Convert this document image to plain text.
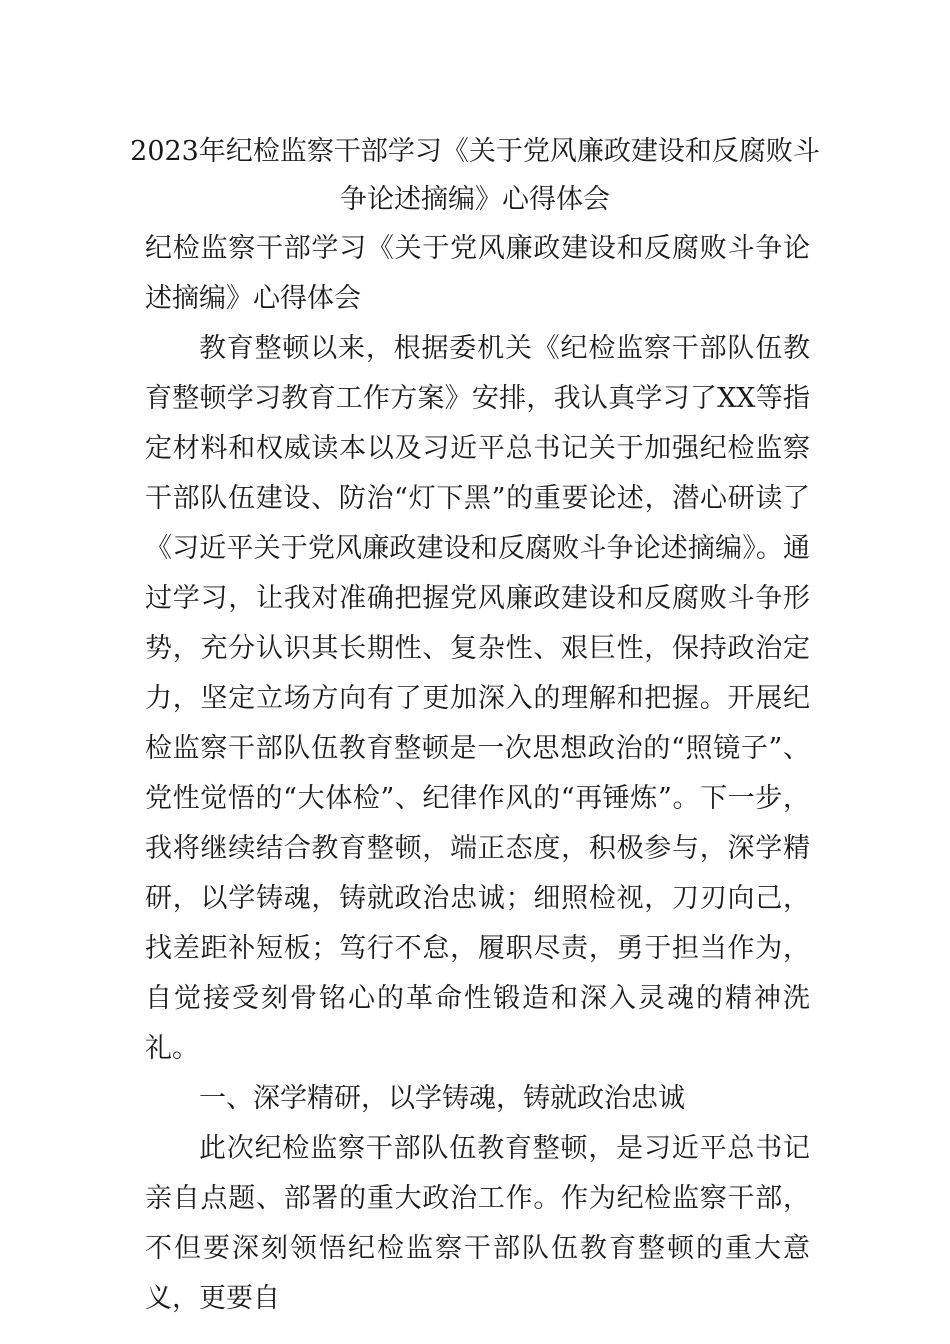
2023年纪检监察干部学习《关于党风廉政建设和反腐败斗争论述摘编》心得体会
纪检监察干部学习《关于党风廉政建设和反腐败斗争论述摘编》心得体会

教育整顿以来，根据委机关《纪检监察干部队伍教育整顿学习教育工作方案》安排，我认真学习了XX等指定材料和权威读本以及习近平总书记关于加强纪检监察干部队伍建设、防治“灯下黑”的重要论述，潜心研读了《习近平关于党风廉政建设和反腐败斗争论述摘编》。通过学习，让我对准确把握党风廉政建设和反腐败斗争形势，充分认识其长期性、复杂性、艰巨性，保持政治定力，坚定立场方向有了更加深入的理解和把握。开展纪检监察干部队伍教育整顿是一次思想政治的“照镜子”、党性觉悟的“大体检”、纪律作风的“再锤炼”。下一步，我将继续结合教育整顿，端正态度，积极参与，深学精研，以学铸魂，铸就政治忠诚；细照检视，刀刃向己，找差距补短板；笃行不怠，履职尽责，勇于担当作为，自觉接受刻骨铭心的革命性锻造和深入灵魂的精神洗礼。

一、深学精研，以学铸魂，铸就政治忠诚

此次纪检监察干部队伍教育整顿，是习近平总书记亲自点题、部署的重大政治工作。作为纪检监察干部，不但要深刻领悟纪检监察干部队伍教育整顿的重大意义，更要自
